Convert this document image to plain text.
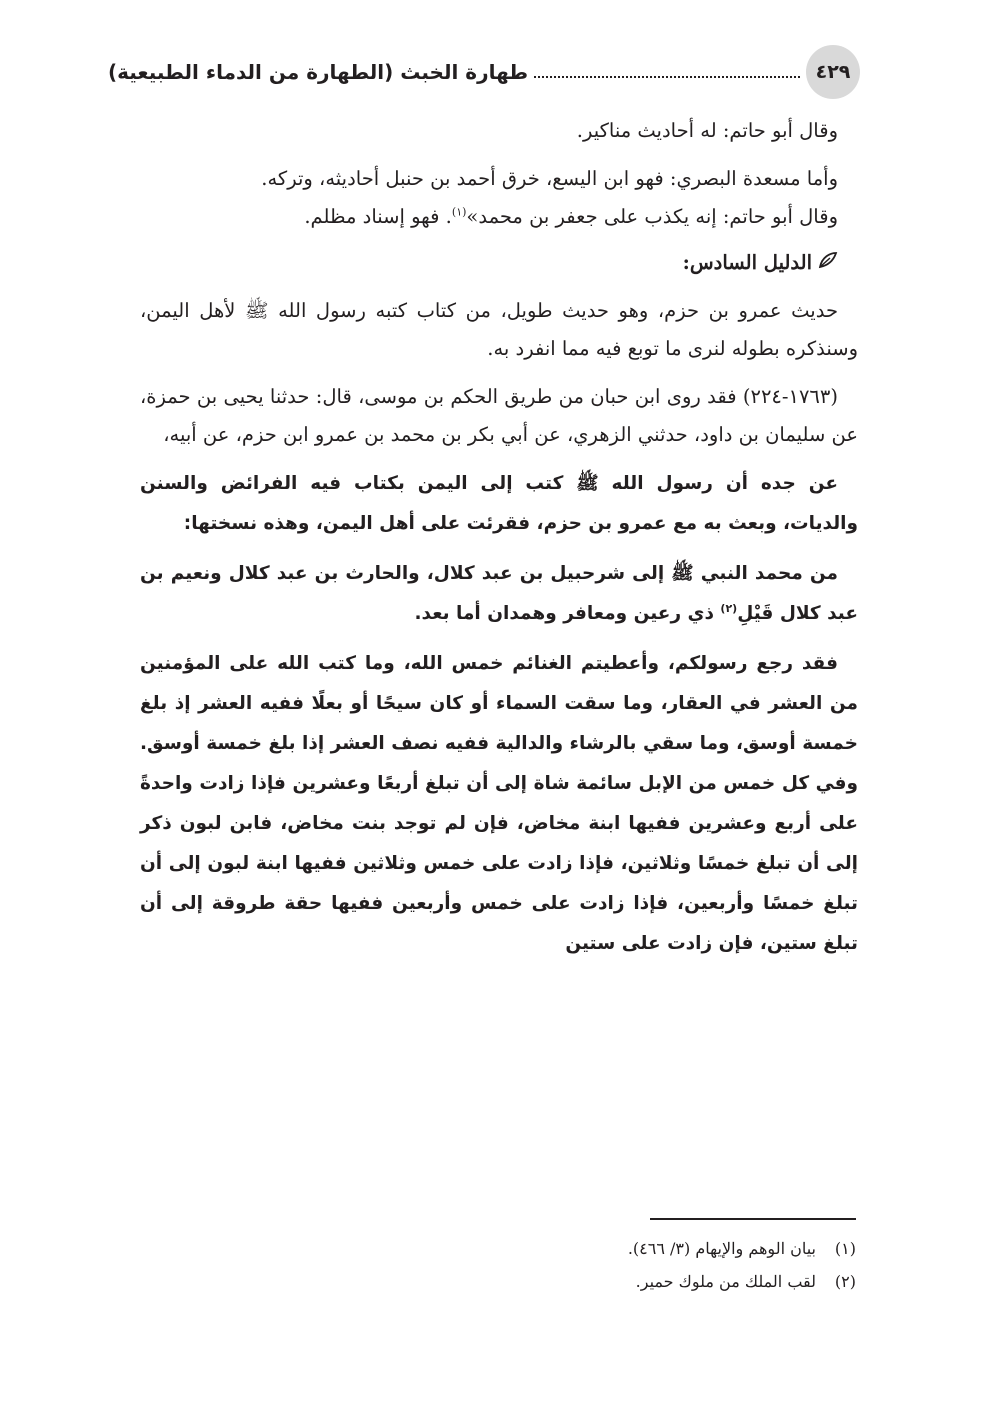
٤٢٩
طهارة الخبث (الطهارة من الدماء الطبيعية)

وقال أبو حاتم: له أحاديث مناكير.

وأما مسعدة البصري: فهو ابن اليسع، خرق أحمد بن حنبل أحاديثه، وتركه.

وقال أبو حاتم: إنه يكذب على جعفر بن محمد»$^{(١)}$. فهو إسناد مظلم.

الدليل السادس:

حديث عمرو بن حزم، وهو حديث طويل، من كتاب كتبه رسول الله ﷺ لأهل اليمن، وسنذكره بطوله لنرى ما توبع فيه مما انفرد به.

(١٧٦٣-٢٢٤) فقد روى ابن حبان من طريق الحكم بن موسى، قال: حدثنا يحيى بن حمزة، عن سليمان بن داود، حدثني الزهري، عن أبي بكر بن محمد بن عمرو ابن حزم، عن أبيه،

عن جده أن رسول الله ﷺ كتب إلى اليمن بكتاب فيه الفرائض والسنن والديات، وبعث به مع عمرو بن حزم، فقرئت على أهل اليمن، وهذه نسختها:

من محمد النبي ﷺ إلى شرحبيل بن عبد كلال، والحارث بن عبد كلال ونعيم بن عبد كلال قَيْلِ$^{(٢)}$ ذي رعين ومعافر وهمدان أما بعد.

فقد رجع رسولكم، وأعطيتم الغنائم خمس الله، وما كتب الله على المؤمنين من العشر في العقار، وما سقت السماء أو كان سيحًا أو بعلًا ففيه العشر إذ بلغ خمسة أوسق، وما سقي بالرشاء والدالية ففيه نصف العشر إذا بلغ خمسة أوسق. وفي كل خمس من الإبل سائمة شاة إلى أن تبلغ أربعًا وعشرين فإذا زادت واحدةً على أربع وعشرين ففيها ابنة مخاض، فإن لم توجد بنت مخاض، فابن لبون ذكر إلى أن تبلغ خمسًا وثلاثين، فإذا زادت على خمس وثلاثين ففيها ابنة لبون إلى أن تبلغ خمسًا وأربعين، فإذا زادت على خمس وأربعين ففيها حقة طروقة إلى أن تبلغ ستين، فإن زادت على ستين

(١)
بيان الوهم والإيهام (٣/ ٤٦٦).
(٢)
لقب الملك من ملوك حمير.
